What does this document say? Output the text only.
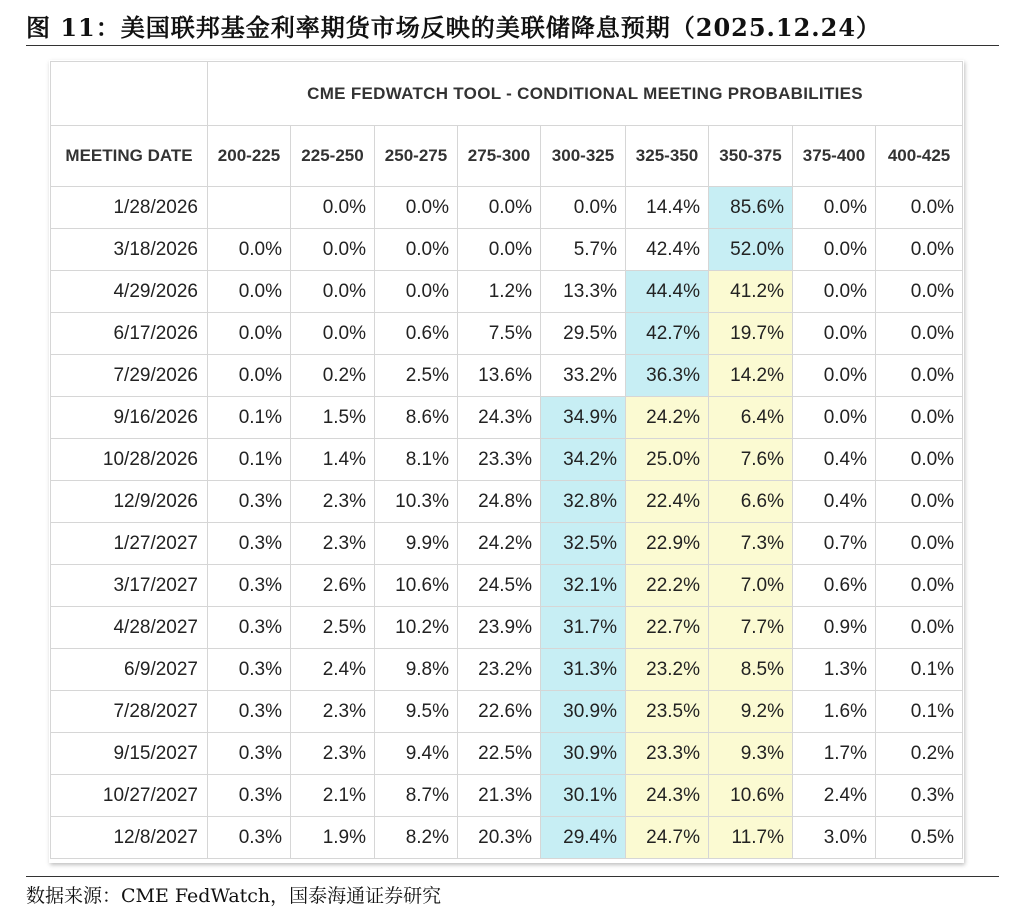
图 11：美国联邦基金利率期货市场反映的美联储降息预期（2025.12.24）
	CME FEDWATCH TOOL - CONDITIONAL MEETING PROBABILITIES								
MEETING DATE	200-225	225-250	250-275	275-300	300-325	325-350	350-375	375-400	400-425
1/28/2026		0.0%	0.0%	0.0%	0.0%	14.4%	85.6%	0.0%	0.0%
3/18/2026	0.0%	0.0%	0.0%	0.0%	5.7%	42.4%	52.0%	0.0%	0.0%
4/29/2026	0.0%	0.0%	0.0%	1.2%	13.3%	44.4%	41.2%	0.0%	0.0%
6/17/2026	0.0%	0.0%	0.6%	7.5%	29.5%	42.7%	19.7%	0.0%	0.0%
7/29/2026	0.0%	0.2%	2.5%	13.6%	33.2%	36.3%	14.2%	0.0%	0.0%
9/16/2026	0.1%	1.5%	8.6%	24.3%	34.9%	24.2%	6.4%	0.0%	0.0%
10/28/2026	0.1%	1.4%	8.1%	23.3%	34.2%	25.0%	7.6%	0.4%	0.0%
12/9/2026	0.3%	2.3%	10.3%	24.8%	32.8%	22.4%	6.6%	0.4%	0.0%
1/27/2027	0.3%	2.3%	9.9%	24.2%	32.5%	22.9%	7.3%	0.7%	0.0%
3/17/2027	0.3%	2.6%	10.6%	24.5%	32.1%	22.2%	7.0%	0.6%	0.0%
4/28/2027	0.3%	2.5%	10.2%	23.9%	31.7%	22.7%	7.7%	0.9%	0.0%
6/9/2027	0.3%	2.4%	9.8%	23.2%	31.3%	23.2%	8.5%	1.3%	0.1%
7/28/2027	0.3%	2.3%	9.5%	22.6%	30.9%	23.5%	9.2%	1.6%	0.1%
9/15/2027	0.3%	2.3%	9.4%	22.5%	30.9%	23.3%	9.3%	1.7%	0.2%
10/27/2027	0.3%	2.1%	8.7%	21.3%	30.1%	24.3%	10.6%	2.4%	0.3%
12/8/2027	0.3%	1.9%	8.2%	20.3%	29.4%	24.7%	11.7%	3.0%	0.5%
数据来源：CME FedWatch，国泰海通证券研究
